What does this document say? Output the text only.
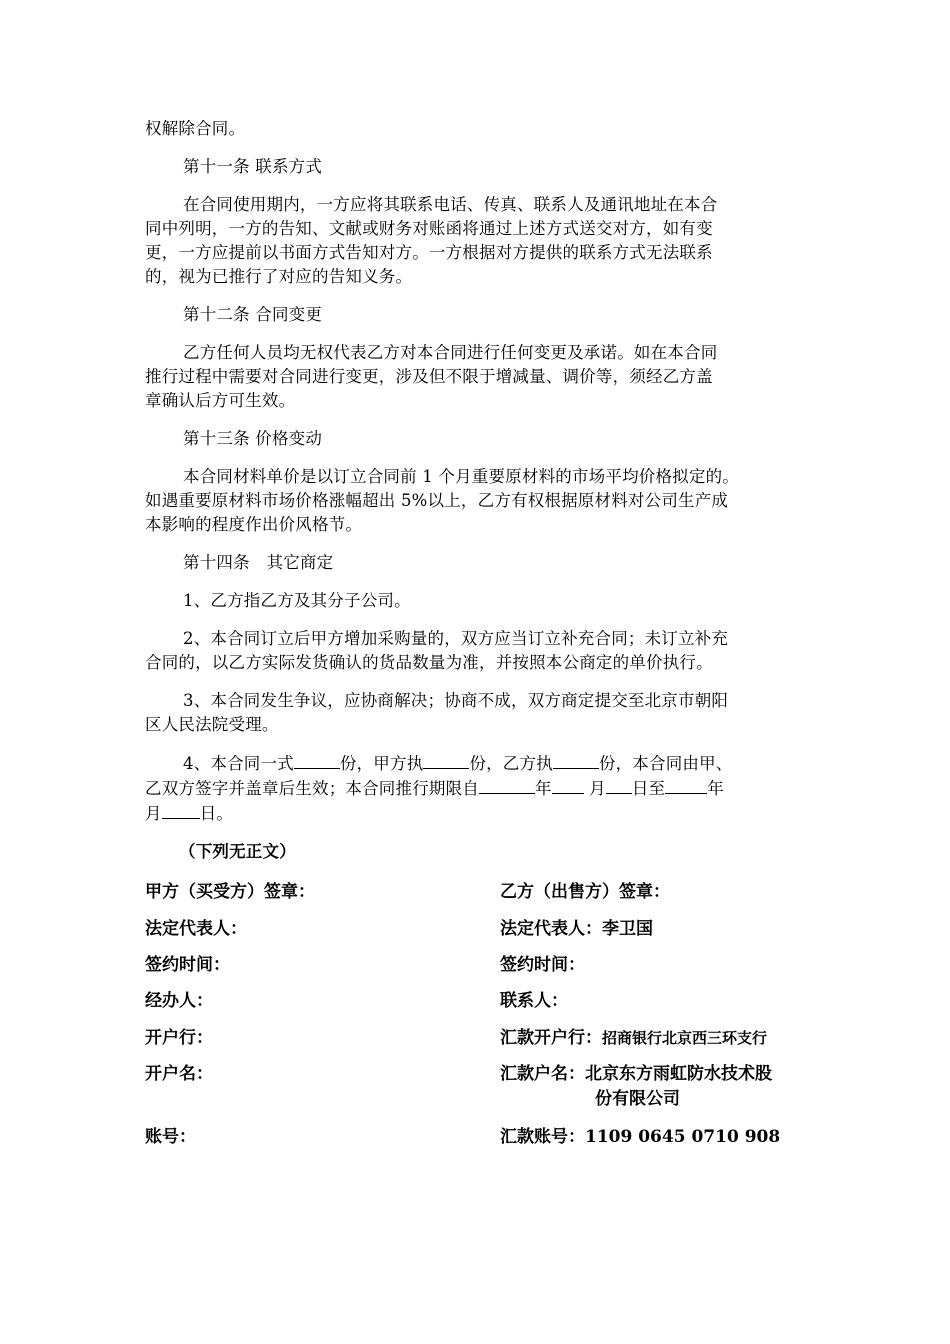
权解除合同。
第十一条 联系方式
在合同使用期内，一方应将其联系电话、传真、联系人及通讯地址在本合
同中列明，一方的告知、文献或财务对账函将通过上述方式送交对方，如有变
更，一方应提前以书面方式告知对方。一方根据对方提供的联系方式无法联系
的，视为已推行了对应的告知义务。
第十二条 合同变更
乙方任何人员均无权代表乙方对本合同进行任何变更及承诺。如在本合同
推行过程中需要对合同进行变更，涉及但不限于增减量、调价等，须经乙方盖
章确认后方可生效。
第十三条 价格变动
本合同材料单价是以订立合同前 1 个月重要原材料的市场平均价格拟定的。
如遇重要原材料市场价格涨幅超出 5%以上，乙方有权根据原材料对公司生产成
本影响的程度作出价风格节。
第十四条　其它商定
1、乙方指乙方及其分子公司。
2、本合同订立后甲方增加采购量的，双方应当订立补充合同；未订立补充
合同的，以乙方实际发货确认的货品数量为准，并按照本公商定的单价执行。
3、本合同发生争议，应协商解决；协商不成，双方商定提交至北京市朝阳
区人民法院受理。
4、本合同一式	份，甲方执	份，乙方执	份，本合同由甲、
乙双方签字并盖章后生效；本合同推行期限自	年 月 日至	年
月 日。
（下列无正文）
甲方（买受方）签章：	乙方（出售方）签章：
法定代表人：	法定代表人：李卫国
签约时间：	签约时间：
经办人：	联系人：
开户行：	汇款开户行：招商银行北京西三环支行
开户名：	汇款户名：北京东方雨虹防水技术股
份有限公司
账号：	汇款账号：1109 0645 0710 908
